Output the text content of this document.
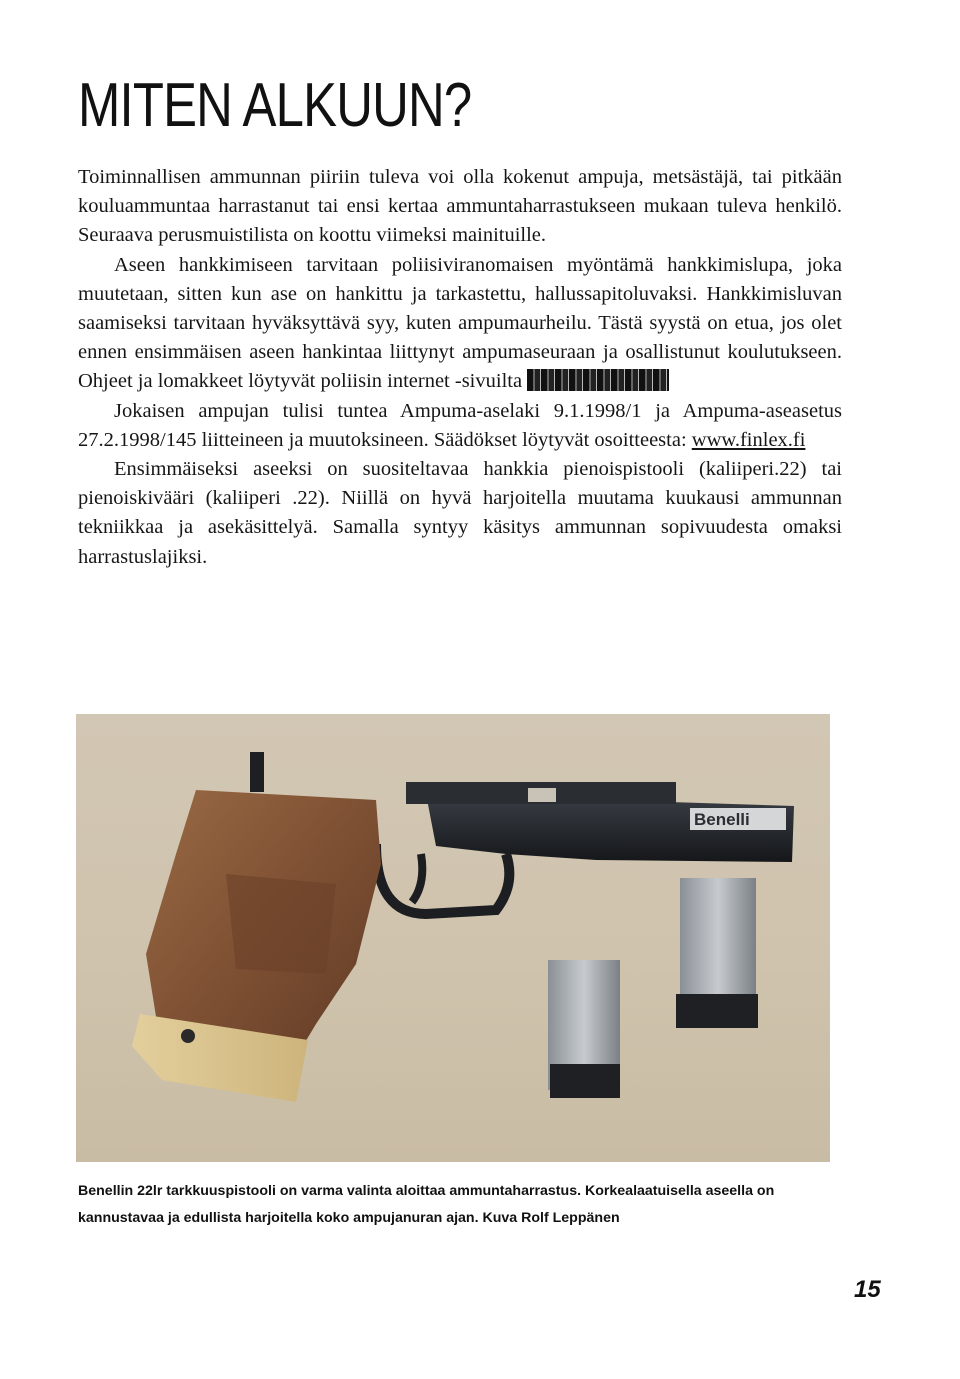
MITEN ALKUUN?

Toiminnallisen ammunnan piiriin tuleva voi olla kokenut ampuja, metsästäjä, tai pitkään kouluammuntaa harrastanut tai ensi kertaa ammuntaharrastukseen mukaan tuleva henkilö. Seuraava perusmuistilista on koottu viimeksi mainituille.

Aseen hankkimiseen tarvitaan poliisiviranomaisen myöntämä hankkimislupa, joka muutetaan, sitten kun ase on hankittu ja tarkastettu, hallussapitoluvaksi. Hankkimisluvan saamiseksi tarvitaan hyväksyttävä syy, kuten ampumaurheilu. Tästä syystä on etua, jos olet ennen ensimmäisen aseen hankintaa liittynyt ampumaseuraan ja osallistunut koulutukseen. Ohjeet ja lomakkeet löytyvät poliisin internet -sivuilta

Jokaisen ampujan tulisi tuntea Ampuma-aselaki 9.1.1998/1 ja Ampuma-aseasetus 27.2.1998/145 liitteineen ja muutoksineen. Säädökset löytyvät osoitteesta: www.finlex.fi

Ensimmäiseksi aseeksi on suositeltavaa hankkia pienoispistooli (kaliiperi.22) tai pienoiskivääri (kaliiperi .22). Niillä on hyvä harjoitella muutama kuukausi ammunnan tekniikkaa ja asekäsittelyä. Samalla syntyy käsitys ammunnan sopivuudesta omaksi harrastuslajiksi.

Benelli

Benellin 22lr tarkkuuspistooli on varma valinta aloittaa ammuntaharrastus. Korkealaatuisella aseella on kannustavaa ja edullista harjoitella koko ampujanuran ajan. Kuva Rolf Leppänen

15
